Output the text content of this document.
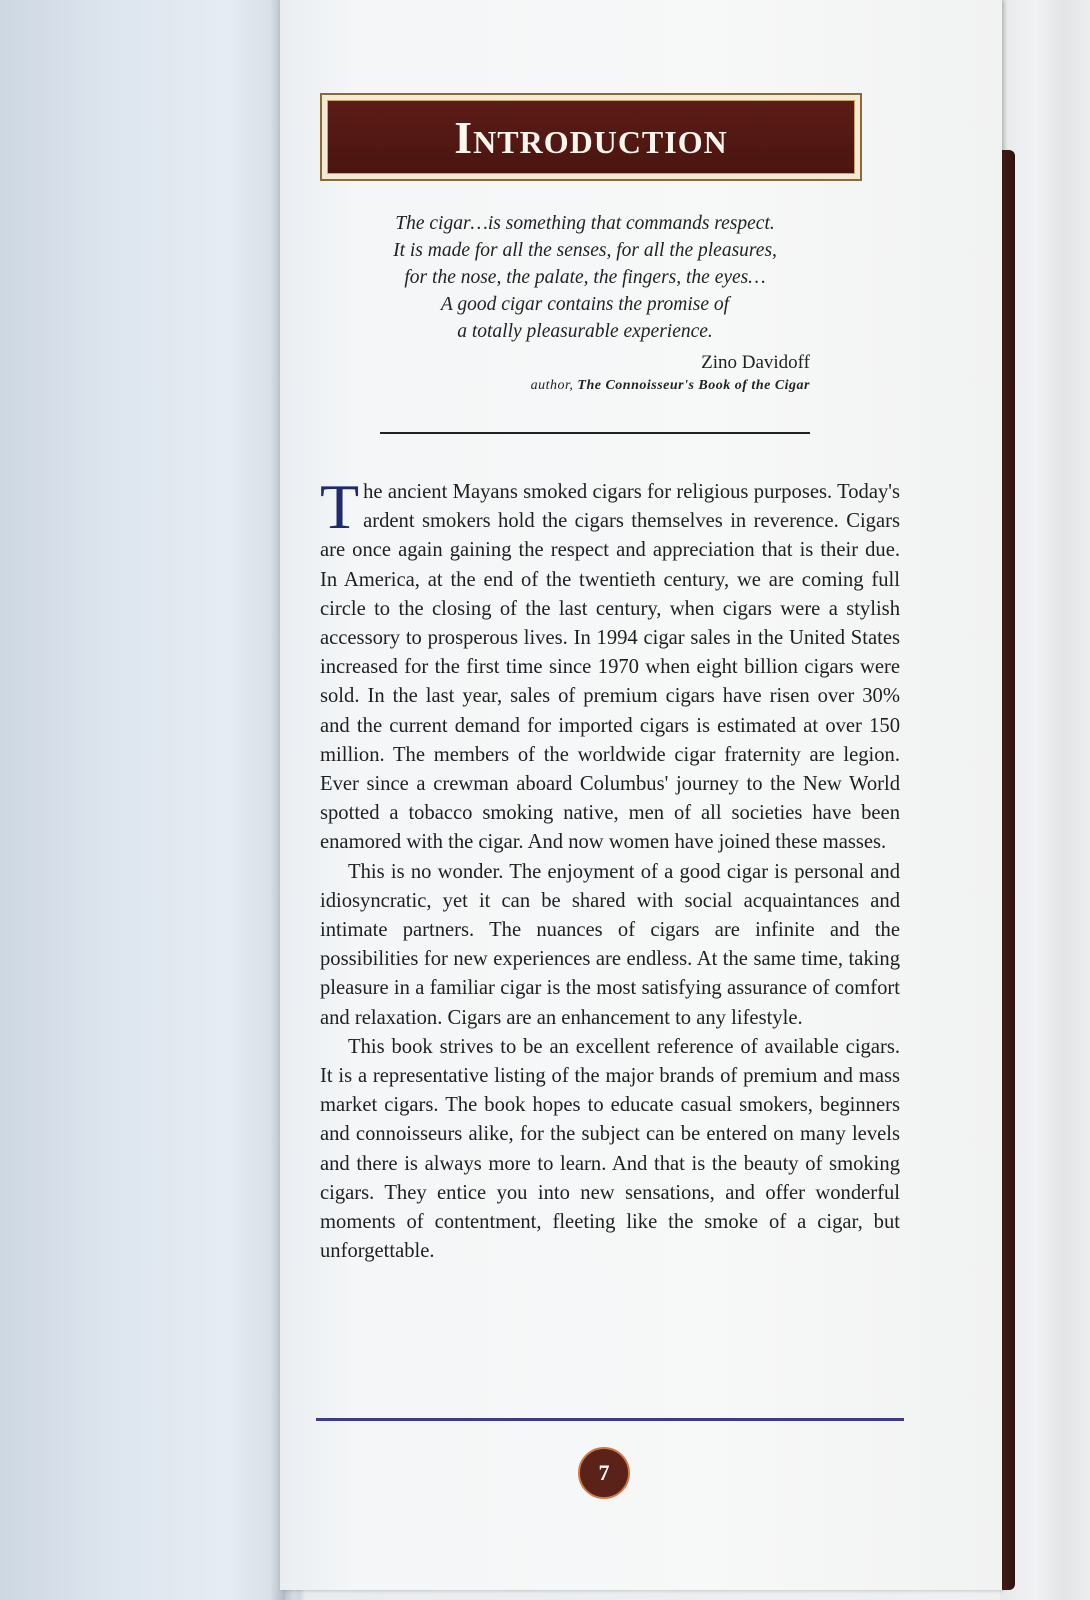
Introduction
The cigar…is something that commands respect.
It is made for all the senses, for all the pleasures,
for the nose, the palate, the fingers, the eyes…
A good cigar contains the promise of
a totally pleasurable experience.
Zino Davidoff
author, The Connoisseur's Book of the Cigar

The ancient Mayans smoked cigars for religious purposes. Today's ardent smokers hold the cigars themselves in reverence. Cigars are once again gaining the respect and appreciation that is their due. In America, at the end of the twentieth century, we are coming full circle to the closing of the last century, when cigars were a stylish accessory to prosperous lives. In 1994 cigar sales in the United States increased for the first time since 1970 when eight billion cigars were sold. In the last year, sales of premium cigars have risen over 30% and the current demand for imported cigars is estimated at over 150 million. The members of the worldwide cigar fraternity are legion. Ever since a crewman aboard Columbus' journey to the New World spotted a tobacco smoking native, men of all societies have been enamored with the cigar. And now women have joined these masses.

This is no wonder. The enjoyment of a good cigar is personal and idiosyncratic, yet it can be shared with social acquaintances and intimate partners. The nuances of cigars are infinite and the possibilities for new experiences are endless. At the same time, taking pleasure in a familiar cigar is the most satisfying assurance of comfort and relaxation. Cigars are an enhancement to any lifestyle.

This book strives to be an excellent reference of available cigars. It is a representative listing of the major brands of premium and mass market cigars. The book hopes to educate casual smokers, beginners and connoisseurs alike, for the subject can be entered on many levels and there is always more to learn. And that is the beauty of smoking cigars. They entice you into new sensations, and offer wonderful moments of contentment, fleeting like the smoke of a cigar, but unforgettable.

7
